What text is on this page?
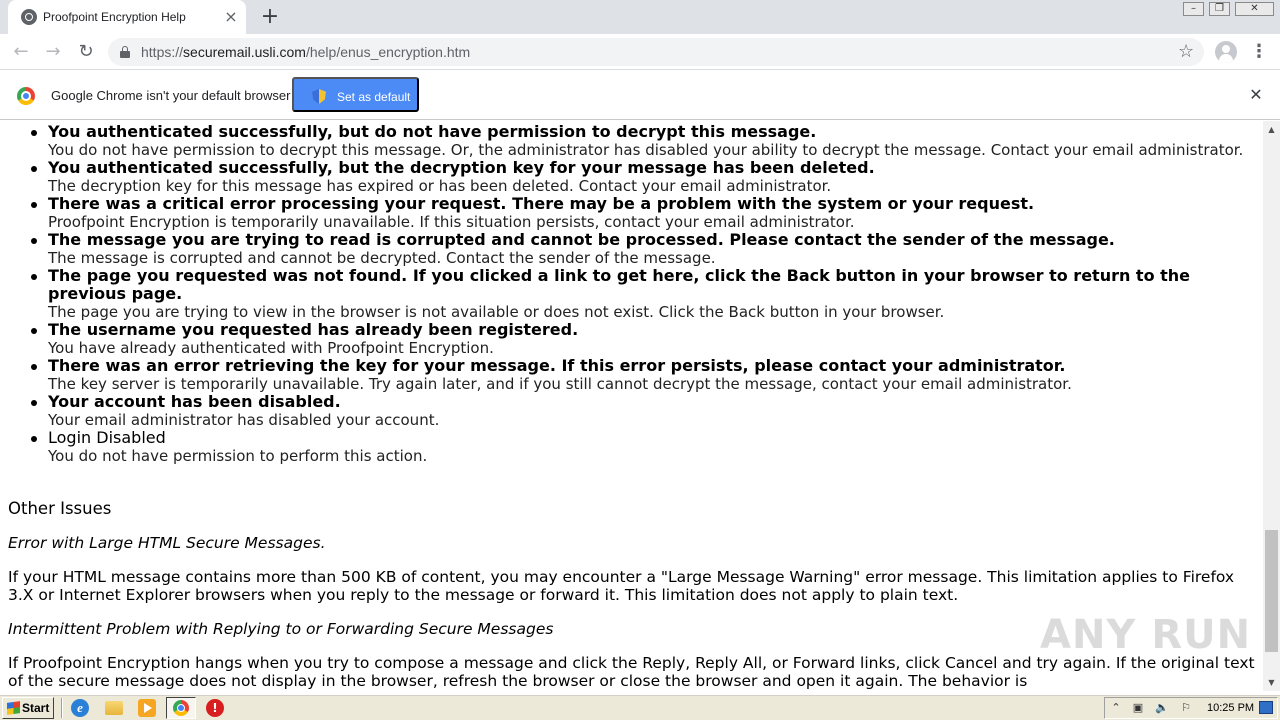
Proofpoint Encryption Help × +	–	❐	✕
← → ↻	https://securemail.usli.com/help/enus_encryption.htm	☆	⋮
Google Chrome isn't your default browser	Set as default	✕
You authenticated successfully, but do not have permission to decrypt this message.
You do not have permission to decrypt this message. Or, the administrator has disabled your ability to decrypt the message. Contact your email administrator.
You authenticated successfully, but the decryption key for your message has been deleted.
The decryption key for this message has expired or has been deleted. Contact your email administrator.
There was a critical error processing your request. There may be a problem with the system or your request.
Proofpoint Encryption is temporarily unavailable. If this situation persists, contact your email administrator.
The message you are trying to read is corrupted and cannot be processed. Please contact the sender of the message.
The message is corrupted and cannot be decrypted. Contact the sender of the message.
The page you requested was not found. If you clicked a link to get here, click the Back button in your browser to return to the previous page.
The page you are trying to view in the browser is not available or does not exist. Click the Back button in your browser.
The username you requested has already been registered.
You have already authenticated with Proofpoint Encryption.
There was an error retrieving the key for your message. If this error persists, please contact your administrator.
The key server is temporarily unavailable. Try again later, and if you still cannot decrypt the message, contact your email administrator.
Your account has been disabled.
Your email administrator has disabled your account.
Login Disabled
You do not have permission to perform this action.
Other Issues
Error with Large HTML Secure Messages.
If your HTML message contains more than 500 KB of content, you may encounter a "Large Message Warning" error message. This limitation applies to Firefox 3.X or Internet Explorer browsers when you reply to the message or forward it. This limitation does not apply to plain text.
Intermittent Problem with Replying to or Forwarding Secure Messages
If Proofpoint Encryption hangs when you try to compose a message and click the Reply, Reply All, or Forward links, click Cancel and try again. If the original text of the secure message does not display in the browser, refresh the browser or close the browser and open it again. The behavior is
ANY RUN
▲
▼
Start	e	!	⌃ ▣ 🔈 ⚐ 10:25 PM
